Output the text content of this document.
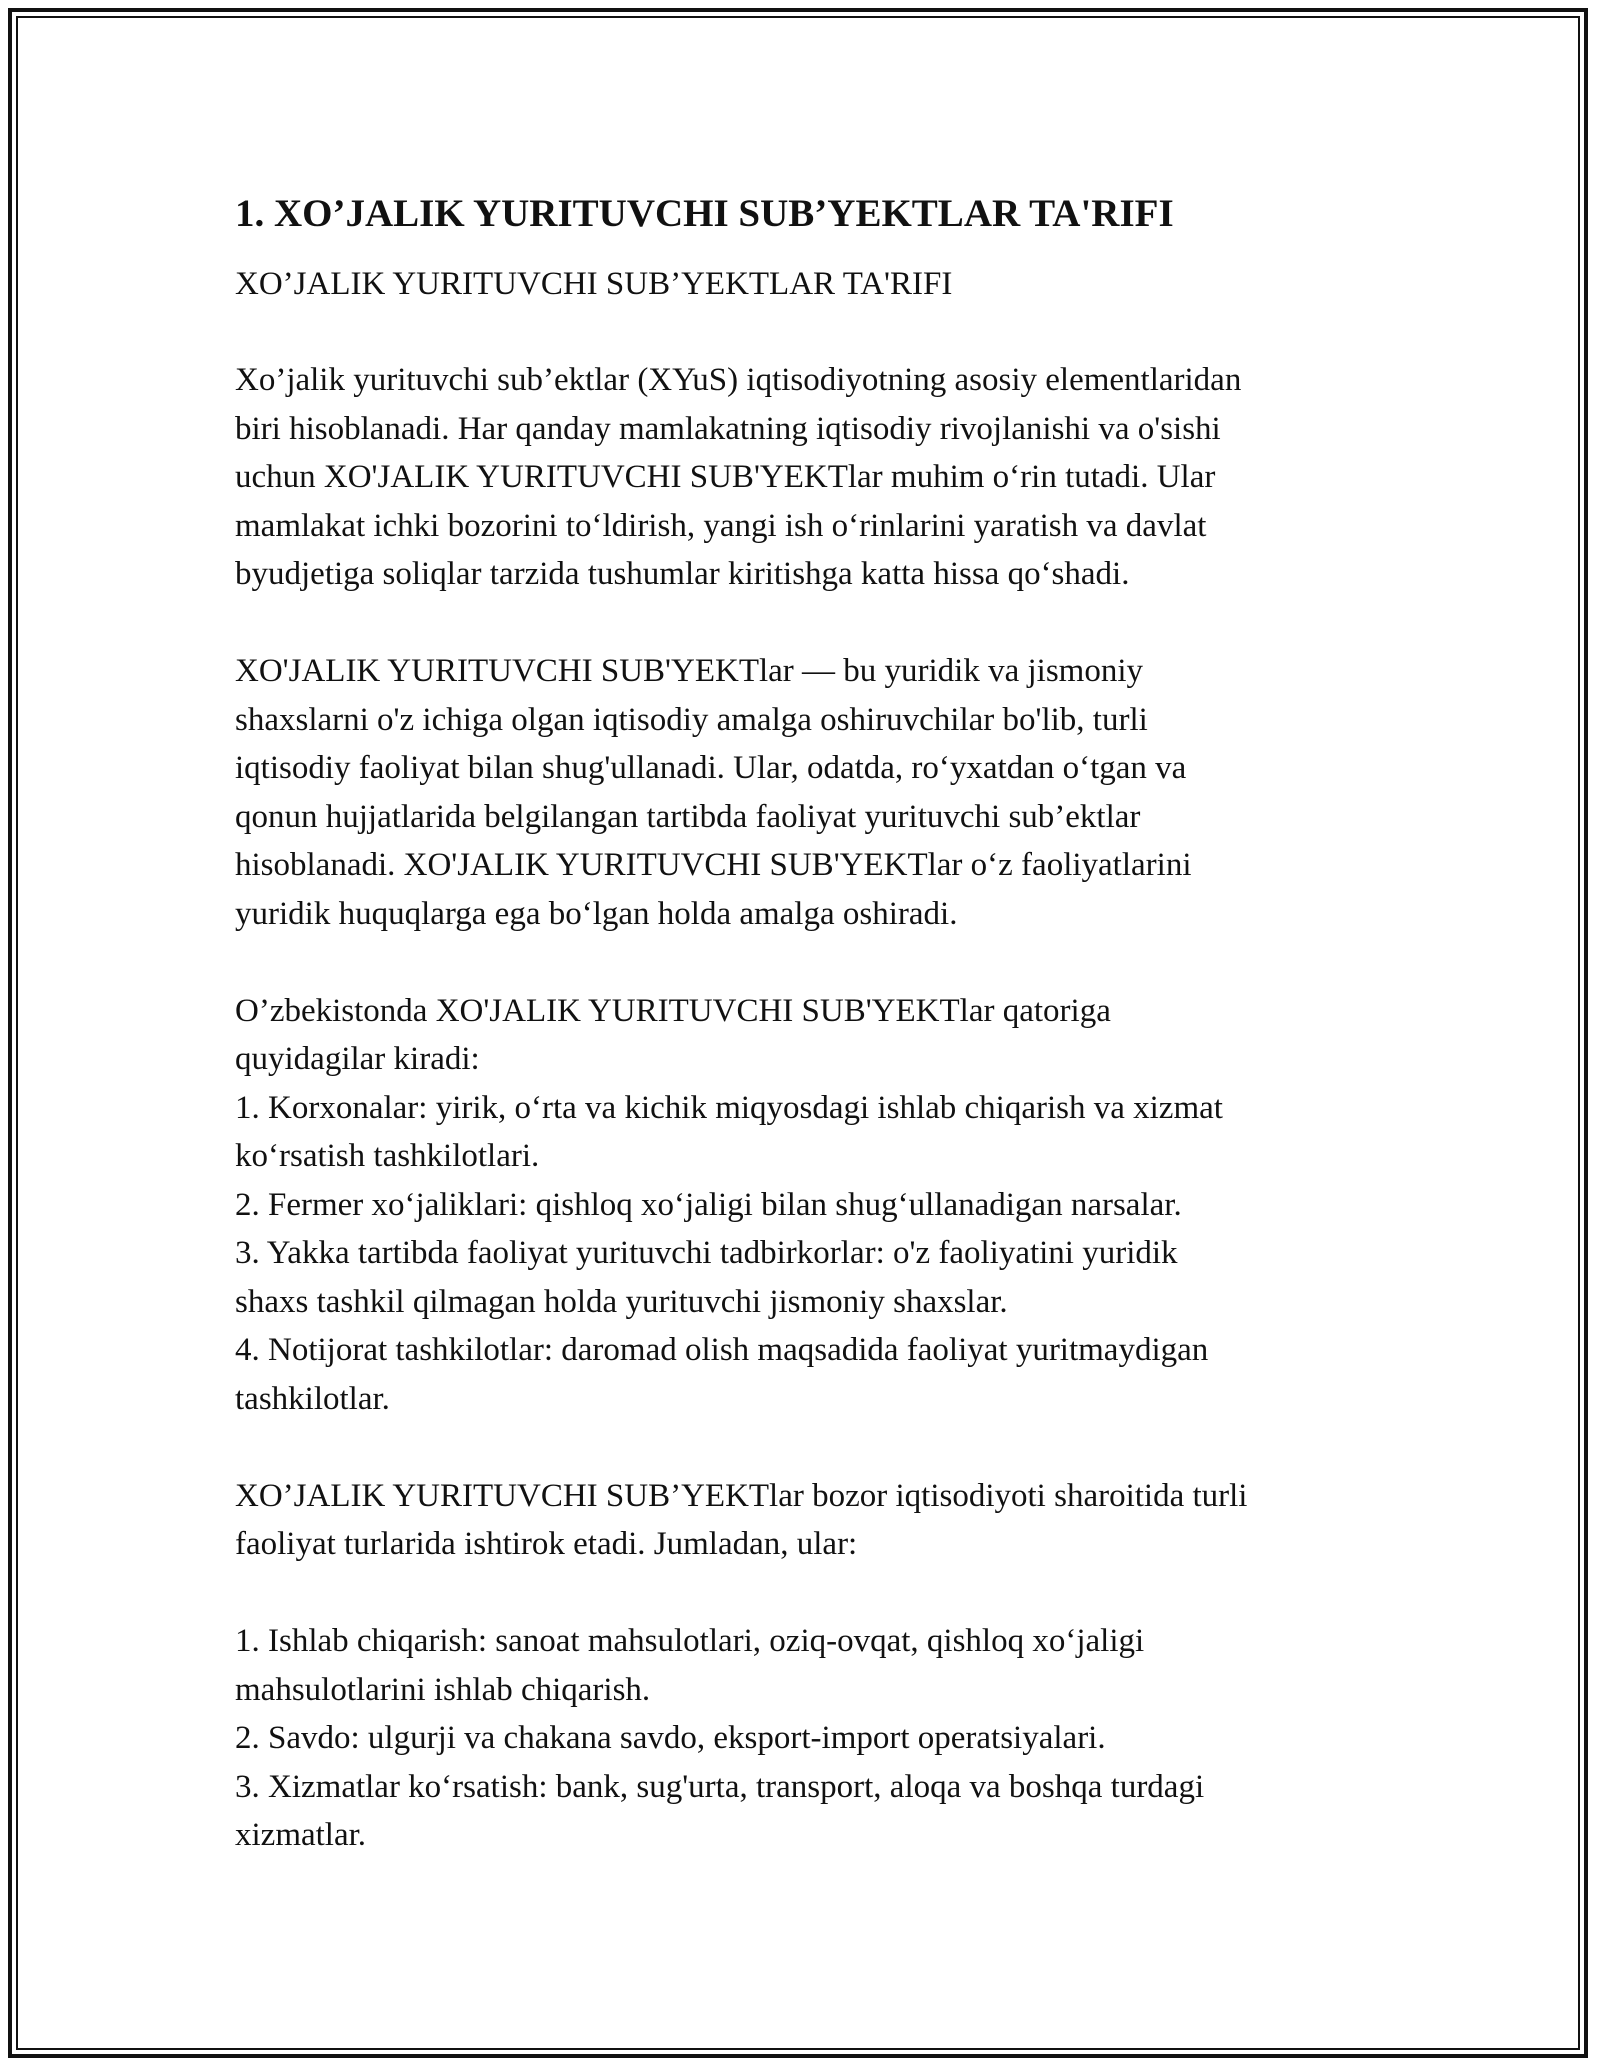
1. XO’JALIK YURITUVCHI SUB’YEKTLAR TA'RIFI
XO’JALIK YURITUVCHI SUB’YEKTLAR TA'RIFI
Xo’jalik yurituvchi sub’ektlar (XYuS) iqtisodiyotning asosiy elementlaridan
biri hisoblanadi. Har qanday mamlakatning iqtisodiy rivojlanishi va o'sishi
uchun XO'JALIK YURITUVCHI SUB'YEKTlar muhim o‘rin tutadi. Ular
mamlakat ichki bozorini to‘ldirish, yangi ish o‘rinlarini yaratish va davlat
byudjetiga soliqlar tarzida tushumlar kiritishga katta hissa qo‘shadi.
XO'JALIK YURITUVCHI SUB'YEKTlar — bu yuridik va jismoniy
shaxslarni o'z ichiga olgan iqtisodiy amalga oshiruvchilar bo'lib, turli
iqtisodiy faoliyat bilan shug'ullanadi. Ular, odatda, ro‘yxatdan o‘tgan va
qonun hujjatlarida belgilangan tartibda faoliyat yurituvchi sub’ektlar
hisoblanadi. XO'JALIK YURITUVCHI SUB'YEKTlar o‘z faoliyatlarini
yuridik huquqlarga ega bo‘lgan holda amalga oshiradi.
O’zbekistonda XO'JALIK YURITUVCHI SUB'YEKTlar qatoriga
quyidagilar kiradi:
1. Korxonalar: yirik, o‘rta va kichik miqyosdagi ishlab chiqarish va xizmat
ko‘rsatish tashkilotlari.
2. Fermer xo‘jaliklari: qishloq xo‘jaligi bilan shug‘ullanadigan narsalar.
3. Yakka tartibda faoliyat yurituvchi tadbirkorlar: o'z faoliyatini yuridik
shaxs tashkil qilmagan holda yurituvchi jismoniy shaxslar.
4. Notijorat tashkilotlar: daromad olish maqsadida faoliyat yuritmaydigan
tashkilotlar.
XO’JALIK YURITUVCHI SUB’YEKTlar bozor iqtisodiyoti sharoitida turli
faoliyat turlarida ishtirok etadi. Jumladan, ular:
1. Ishlab chiqarish: sanoat mahsulotlari, oziq-ovqat, qishloq xo‘jaligi
mahsulotlarini ishlab chiqarish.
2. Savdo: ulgurji va chakana savdo, eksport-import operatsiyalari.
3. Xizmatlar ko‘rsatish: bank, sug'urta, transport, aloqa va boshqa turdagi
xizmatlar.
